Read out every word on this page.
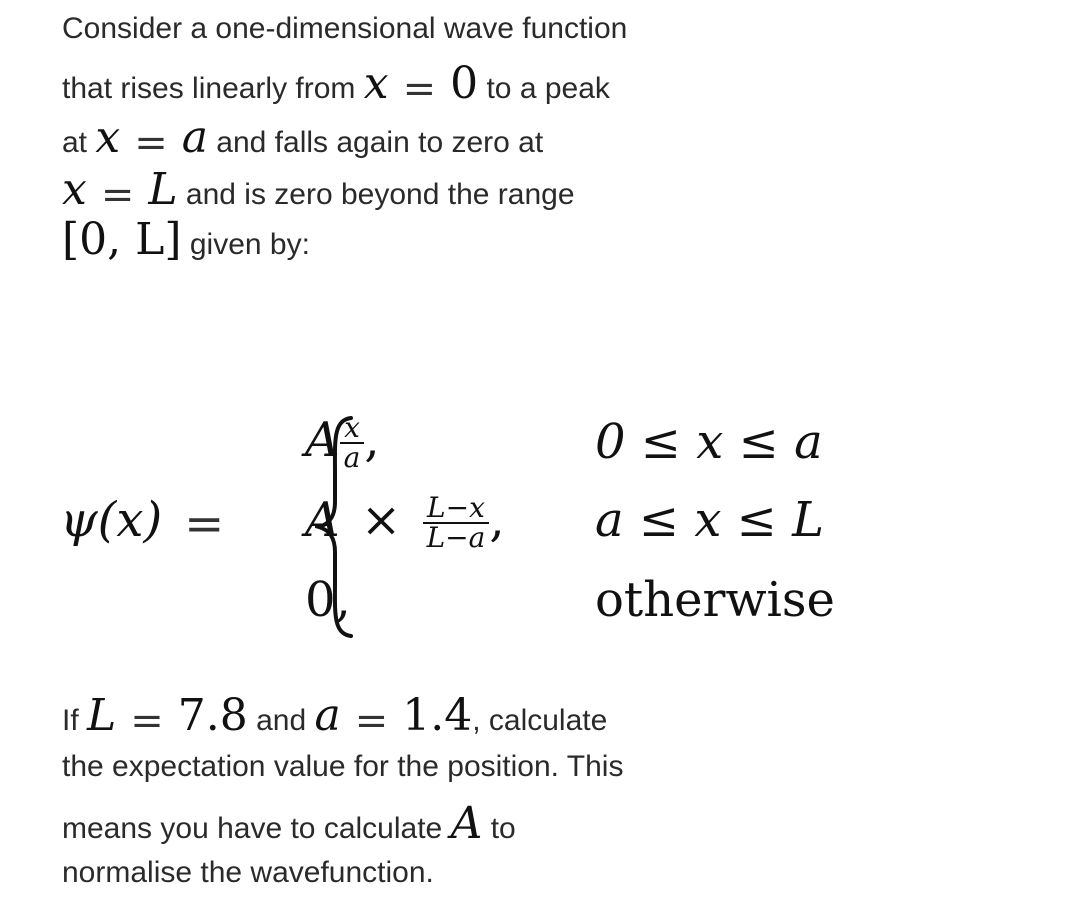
Consider a one-dimensional wave function
that rises linearly from x = 0 to a peak
at x = a and falls again to zero at
x = L and is zero beyond the range
[0, L] given by:
ψ(x) =
A $\frac{x}{a}$ ,
$A \times \frac{L-x}{L-a}$ ,
0,
0 ≤ x ≤ a
a ≤ x ≤ L
otherwise
If L = 7.8 and a = 1.4, calculate
the expectation value for the position. This
means you have to calculate A to
normalise the wavefunction.
